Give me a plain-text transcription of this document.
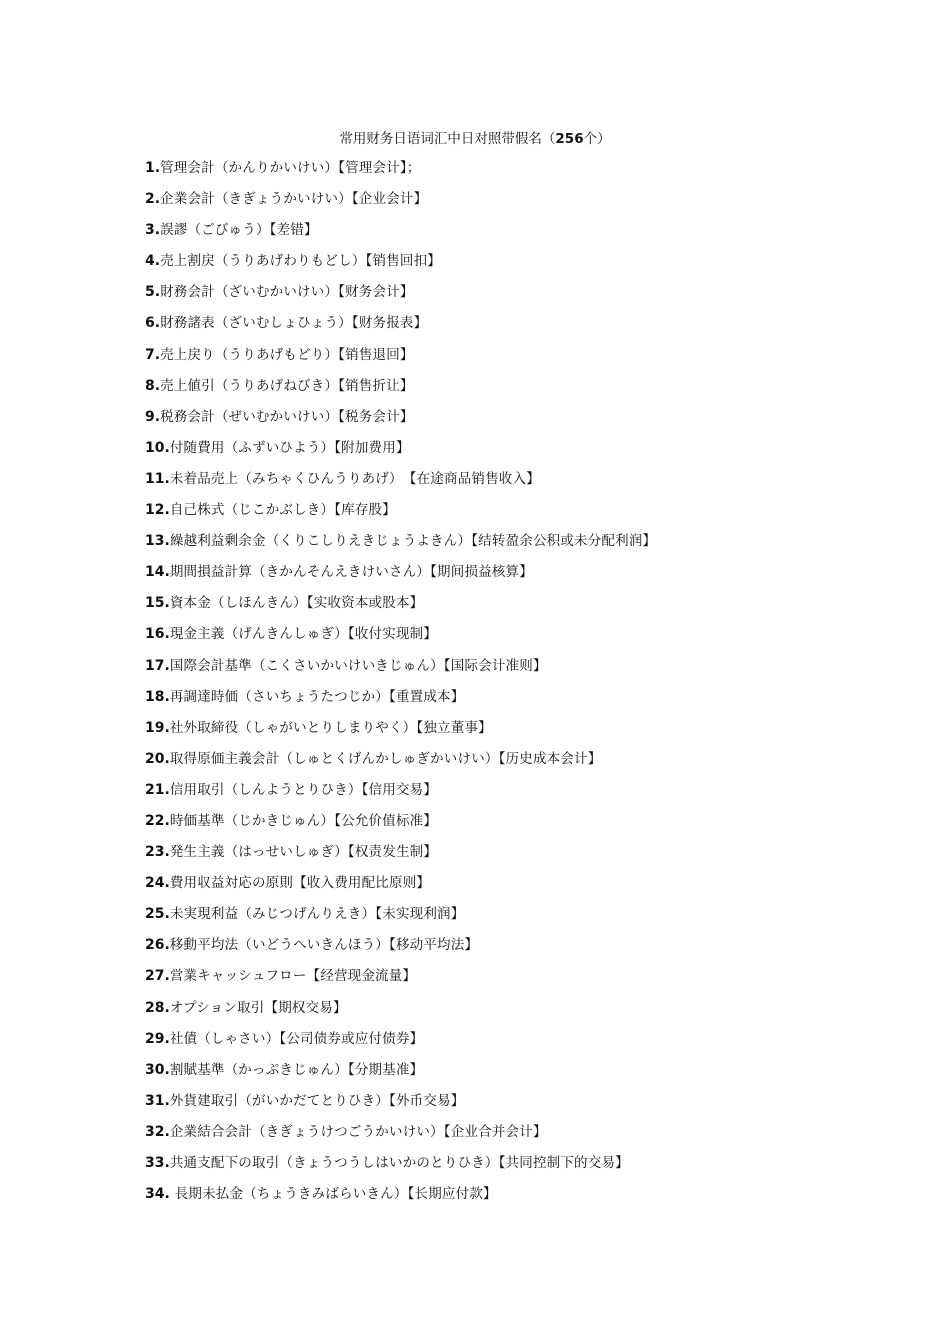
常用财务日语词汇中日对照带假名（256个）
1.管理会計（かんりかいけい）【管理会计】；
2.企業会計（きぎょうかいけい）【企业会计】
3.誤謬（ごびゅう）【差错】
4.売上割戻（うりあげわりもどし）【销售回扣】
5.財務会計（ざいむかいけい）【财务会计】
6.財務諸表（ざいむしょひょう）【财务报表】
7.売上戻り（うりあげもどり）【销售退回】
8.売上値引（うりあげねびき）【销售折让】
9.税務会計（ぜいむかいけい）【税务会计】
10.付随費用（ふずいひよう）【附加费用】
11.未着品売上（みちゃくひんうりあげ）　【在途商品销售收入】
12.自己株式（じこかぶしき）【库存股】
13.繰越利益剰余金（くりこしりえきじょうよきん）【结转盈余公积或未分配利润】
14.期間損益計算（きかんそんえきけいさん）【期间损益核算】
15.資本金（しほんきん）【实收资本或股本】
16.現金主義（げんきんしゅぎ）【收付实现制】
17.国際会計基準（こくさいかいけいきじゅん）【国际会计准则】
18.再調達時価（さいちょうたつじか）【重置成本】
19.社外取締役（しゃがいとりしまりやく）【独立董事】
20.取得原価主義会計（しゅとくげんかしゅぎかいけい）【历史成本会计】
21.信用取引（しんようとりひき）【信用交易】
22.時価基準（じかきじゅん）【公允价值标准】
23.発生主義（はっせいしゅぎ）【权责发生制】
24.費用収益対応の原則【收入费用配比原则】
25.未実現利益（みじつげんりえき）【未实现利润】
26.移動平均法（いどうへいきんほう）【移动平均法】
27.営業キャッシュフロー【经营现金流量】
28.オプション取引【期权交易】
29.社債（しゃさい）【公司债券或应付债券】
30.割賦基準（かっぷきじゅん）【分期基准】
31.外貨建取引（がいかだてとりひき）【外币交易】
32.企業結合会計（きぎょうけつごうかいけい）【企业合并会计】
33.共通支配下の取引（きょうつうしはいかのとりひき）【共同控制下的交易】
34. 長期未払金（ちょうきみばらいきん）【长期应付款】
